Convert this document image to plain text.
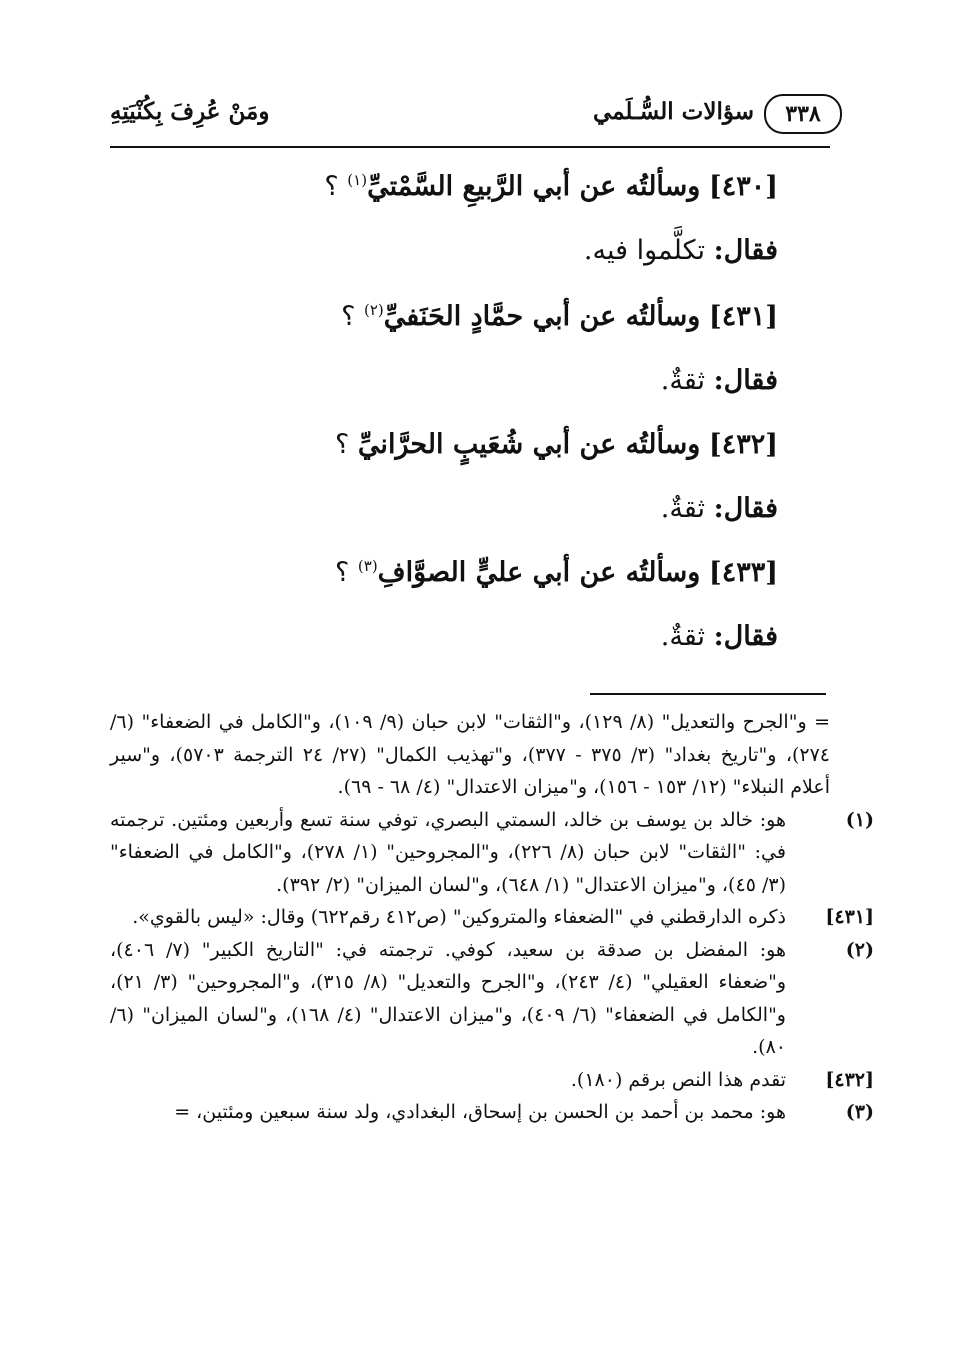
٣٣٨
سؤالات السُّـلَمي
ومَنْ عُرِفَ بِكُنْيَتِهِ
[٤٣٠] وسألتُه عن أبي الرَّبيعِ السَّمْتيِّ$^{(١)}$ ؟
فقال: تكلَّموا فيه.
[٤٣١] وسألتُه عن أبي حمَّادٍ الحَنَفيِّ$^{(٢)}$ ؟
فقال: ثقةٌ.
[٤٣٢] وسألتُه عن أبي شُعَيبٍ الحرَّانيِّ ؟
فقال: ثقةٌ.
[٤٣٣] وسألتُه عن أبي عليٍّ الصوَّافِ$^{(٣)}$ ؟
فقال: ثقةٌ.

= و"الجرح والتعديل" (٨/ ١٢٩)، و"الثقات" لابن حبان (٩/ ١٠٩)، و"الكامل في الضعفاء" (٦/ ٢٧٤)، و"تاريخ بغداد" (٣/ ٣٧٥ - ٣٧٧)، و"تهذيب الكمال" (٢٧/ ٢٤ الترجمة ٥٧٠٣)، و"سير أعلام النبلاء" (١٢/ ١٥٣ - ١٥٦)، و"ميزان الاعتدال" (٤/ ٦٨ - ٦٩).

(١)هو: خالد بن يوسف بن خالد، السمتي البصري، توفي سنة تسع وأربعين ومئتين. ترجمته في: "الثقات" لابن حبان (٨/ ٢٢٦)، و"المجروحين" (١/ ٢٧٨)، و"الكامل في الضعفاء" (٣/ ٤٥)، و"ميزان الاعتدال" (١/ ٦٤٨)، و"لسان الميزان" (٢/ ٣٩٢).

[٤٣١]ذكره الدارقطني في "الضعفاء والمتروكين" (ص٤١٢ رقم٦٢٢) وقال: «ليس بالقوي».

(٢)هو: المفضل بن صدقة بن سعيد، كوفي. ترجمته في: "التاريخ الكبير" (٧/ ٤٠٦)، و"ضعفاء العقيلي" (٤/ ٢٤٣)، و"الجرح والتعديل" (٨/ ٣١٥)، و"المجروحين" (٣/ ٢١)، و"الكامل في الضعفاء" (٦/ ٤٠٩)، و"ميزان الاعتدال" (٤/ ١٦٨)، و"لسان الميزان" (٦/ ٨٠).

[٤٣٢]تقدم هذا النص برقم (١٨٠).

(٣)هو: محمد بن أحمد بن الحسن بن إسحاق، البغدادي، ولد سنة سبعين ومئتين، =
